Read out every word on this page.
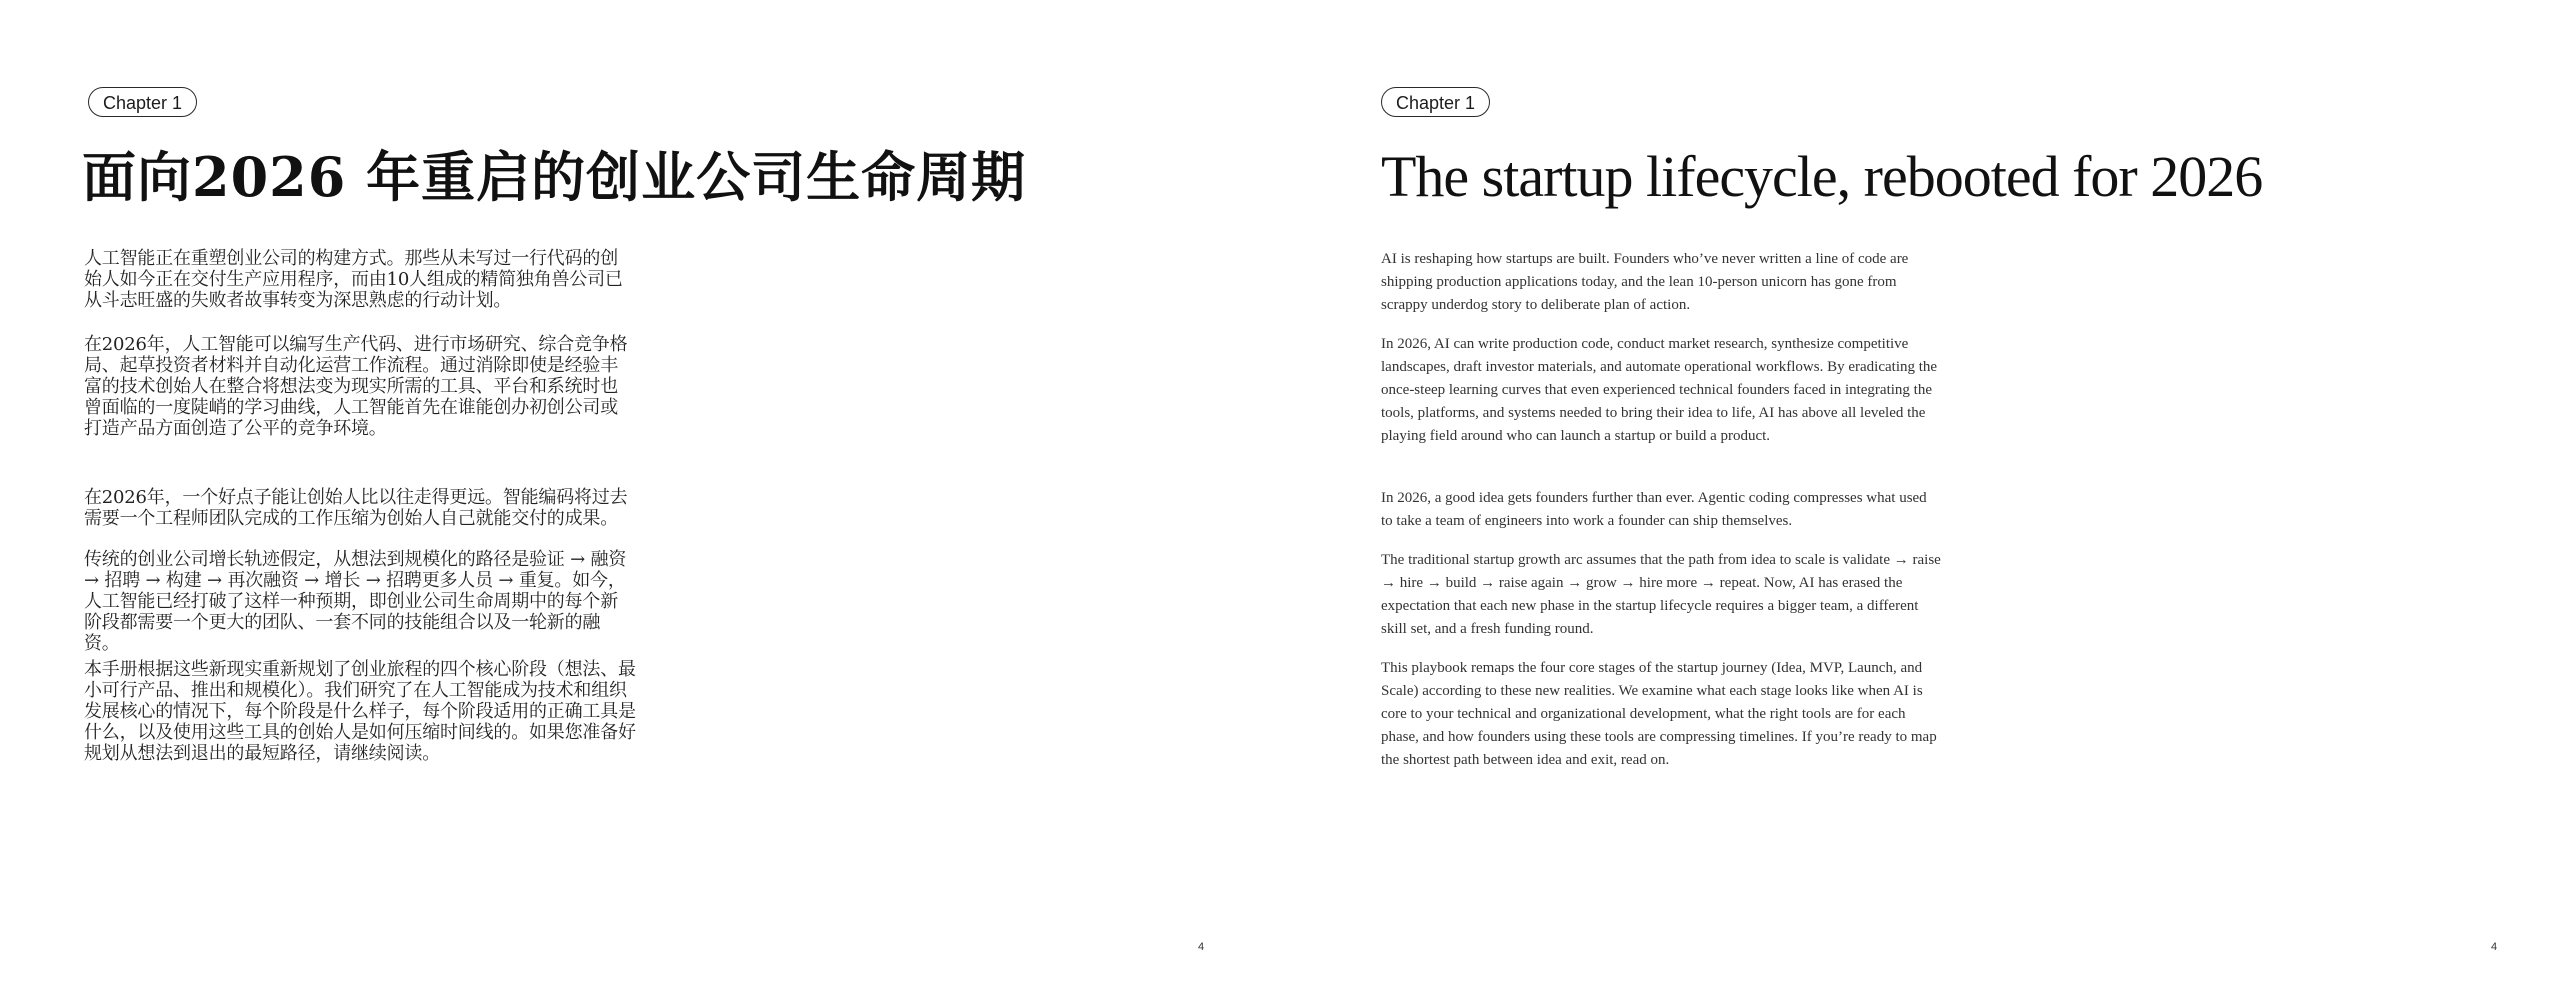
Chapter 1
面向2026 年重启的创业公司生命周期

人工智能正在重塑创业公司的构建方式。那些从未写过一行代码的创始人如今正在交付生产应用程序，而由10人组成的精简独角兽公司已从斗志旺盛的失败者故事转变为深思熟虑的行动计划。

在2026年，人工智能可以编写生产代码、进行市场研究、综合竞争格局、起草投资者材料并自动化运营工作流程。通过消除即使是经验丰富的技术创始人在整合将想法变为现实所需的工具、平台和系统时也曾面临的一度陡峭的学习曲线，人工智能首先在谁能创办初创公司或打造产品方面创造了公平的竞争环境。

在2026年，一个好点子能让创始人比以往走得更远。智能编码将过去需要一个工程师团队完成的工作压缩为创始人自己就能交付的成果。

传统的创业公司增长轨迹假定，从想法到规模化的路径是验证 → 融资 → 招聘 → 构建 → 再次融资 → 增长 → 招聘更多人员 → 重复。如今，人工智能已经打破了这样一种预期，即创业公司生命周期中的每个新阶段都需要一个更大的团队、一套不同的技能组合以及一轮新的融资。

本手册根据这些新现实重新规划了创业旅程的四个核心阶段（想法、最小可行产品、推出和规模化）。我们研究了在人工智能成为技术和组织发展核心的情况下，每个阶段是什么样子，每个阶段适用的正确工具是什么，以及使用这些工具的创始人是如何压缩时间线的。如果您准备好规划从想法到退出的最短路径，请继续阅读。

4
Chapter 1
The startup lifecycle, rebooted for 2026

AI is reshaping how startups are built. Founders who’ve never written a line of code are shipping production applications today, and the lean 10-person unicorn has gone from scrappy underdog story to deliberate plan of action.

In 2026, AI can write production code, conduct market research, synthesize competitive landscapes, draft investor materials, and automate operational workflows. By eradicating the once-steep learning curves that even experienced technical founders faced in integrating the tools, platforms, and systems needed to bring their idea to life, AI has above all leveled the playing field around who can launch a startup or build a product.

In 2026, a good idea gets founders further than ever. Agentic coding compresses what used to take a team of engineers into work a founder can ship themselves.

The traditional startup growth arc assumes that the path from idea to scale is validate → raise → hire → build → raise again → grow → hire more → repeat. Now, AI has erased the expectation that each new phase in the startup lifecycle requires a bigger team, a different skill set, and a fresh funding round.

This playbook remaps the four core stages of the startup journey (Idea, MVP, Launch, and Scale) according to these new realities. We examine what each stage looks like when AI is core to your technical and organizational development, what the right tools are for each phase, and how founders using these tools are compressing timelines. If you’re ready to map the shortest path between idea and exit, read on.

4
